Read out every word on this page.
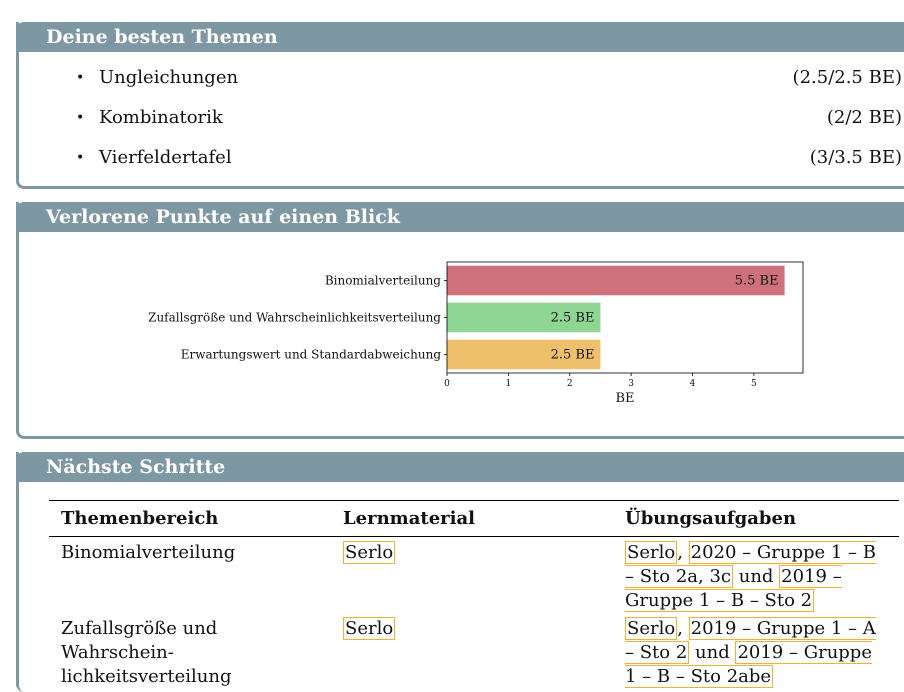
Deine besten Themen
• Ungleichungen	(2.5/2.5 BE)
• Kombinatorik	(2/2 BE)
• Vierfeldertafel	(3/3.5 BE)
Verlorene Punkte auf einen Blick
5.5 BE
Binomialverteilung
2.5 BE
Zufallsgröße und Wahrscheinlichkeitsverteilung
2.5 BE
Erwartungswert und Standardabweichung
0	1	2	3	4	5
BE
Nächste Schritte
Themenbereich	Lernmaterial	Übungsaufgaben
Binomialverteilung	Serlo	Serlo , 2020 – Gruppe 1 – B – Sto 2a, 3c und 2019 – Gruppe 1 – B – Sto 2
Zufallsgröße und Wahrschein-lichkeitsverteilung	Serlo	Serlo , 2019 – Gruppe 1 – A – Sto 2 und 2019 – Gruppe 1 – B – Sto 2abe
